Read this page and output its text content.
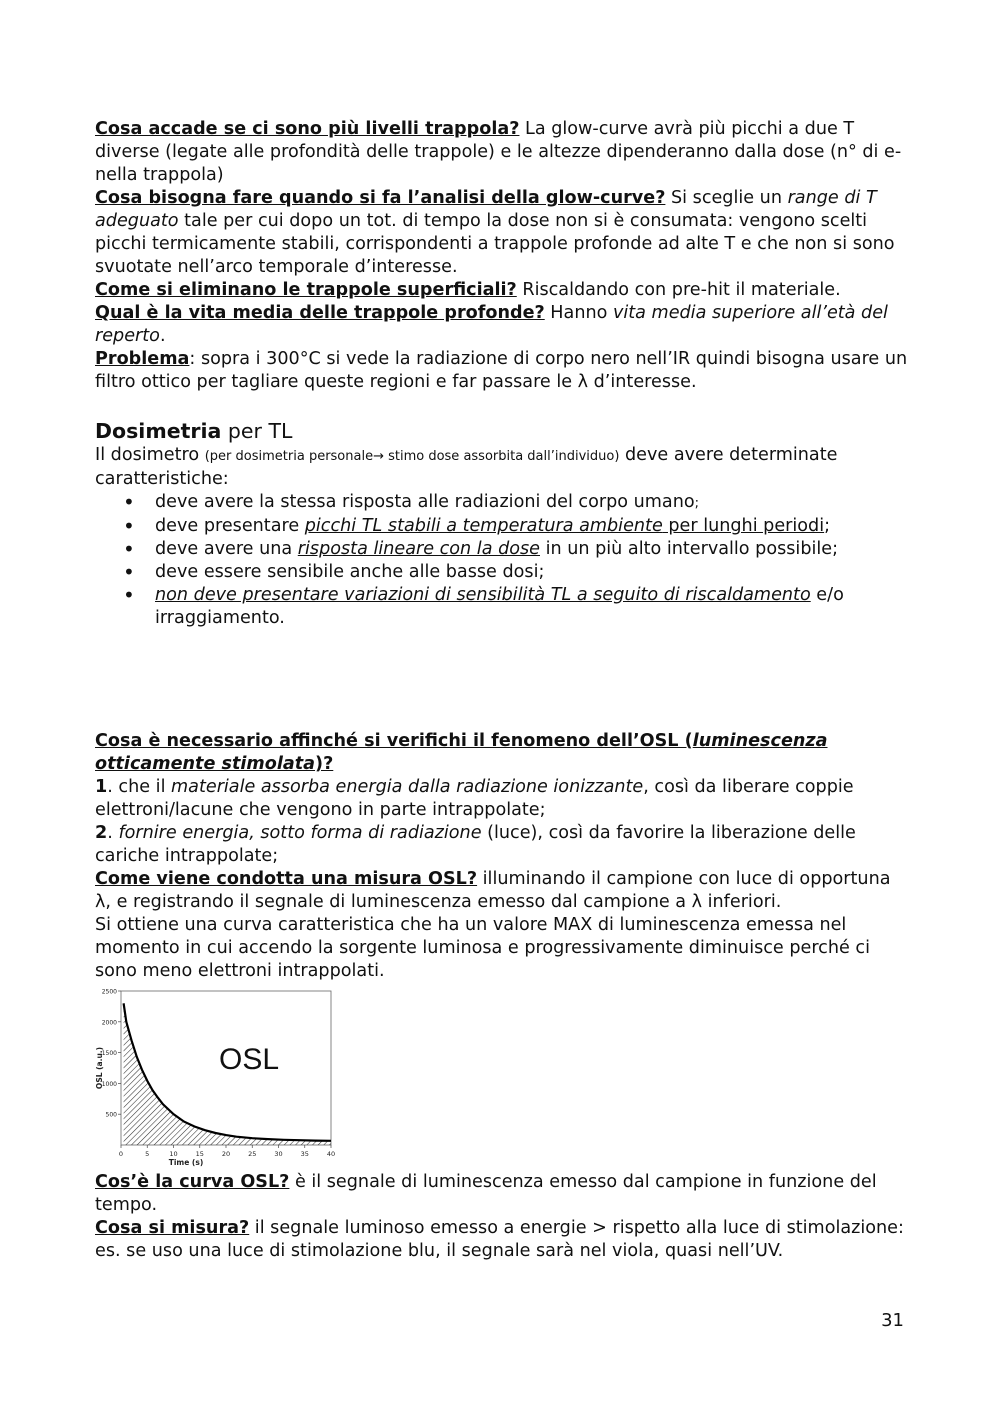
Cosa accade se ci sono più livelli trappola? La glow-curve avrà più picchi a due T diverse (legate alle profondità delle trappole) e le altezze dipenderanno dalla dose (n° di e- nella trappola)

Cosa bisogna fare quando si fa l’analisi della glow-curve? Si sceglie un range di T adeguato tale per cui dopo un tot. di tempo la dose non si è consumata: vengono scelti picchi termicamente stabili, corrispondenti a trappole profonde ad alte T e che non si sono svuotate nell’arco temporale d’interesse.

Come si eliminano le trappole superficiali? Riscaldando con pre-hit il materiale.

Qual è la vita media delle trappole profonde? Hanno vita media superiore all’età del reperto.

Problema: sopra i 300°C si vede la radiazione di corpo nero nell’IR quindi bisogna usare un filtro ottico per tagliare queste regioni e far passare le λ d’interesse.

Dosimetria per TL

Il dosimetro (per dosimetria personale→ stimo dose assorbita dall’individuo) deve avere determinate caratteristiche:

• deve avere la stessa risposta alle radiazioni del corpo umano;
• deve presentare picchi TL stabili a temperatura ambiente per lunghi periodi;
• deve avere una risposta lineare con la dose in un più alto intervallo possibile;
• deve essere sensibile anche alle basse dosi;
• non deve presentare variazioni di sensibilità TL a seguito di riscaldamento e/o irraggiamento.

Cosa è necessario affinché si verifichi il fenomeno dell’OSL (luminescenza otticamente stimolata)?

1. che il materiale assorba energia dalla radiazione ionizzante, così da liberare coppie elettroni/lacune che vengono in parte intrappolate;

2. fornire energia, sotto forma di radiazione (luce), così da favorire la liberazione delle cariche intrappolate;

Come viene condotta una misura OSL? illuminando il campione con luce di opportuna λ, e registrando il segnale di luminescenza emesso dal campione a λ inferiori.

Si ottiene una curva caratteristica che ha un valore MAX di luminescenza emessa nel momento in cui accendo la sorgente luminosa e progressivamente diminuisce perché ci sono meno elettroni intrappolati.

0	5	10	15	20	25	30	35	40
500
1000
1500
2000
2500
Time (s)
OSL (a.u.)	OSL

Cos’è la curva OSL? è il segnale di luminescenza emesso dal campione in funzione del tempo.

Cosa si misura? il segnale luminoso emesso a energie > rispetto alla luce di stimolazione: es. se uso una luce di stimolazione blu, il segnale sarà nel viola, quasi nell’UV.

31
